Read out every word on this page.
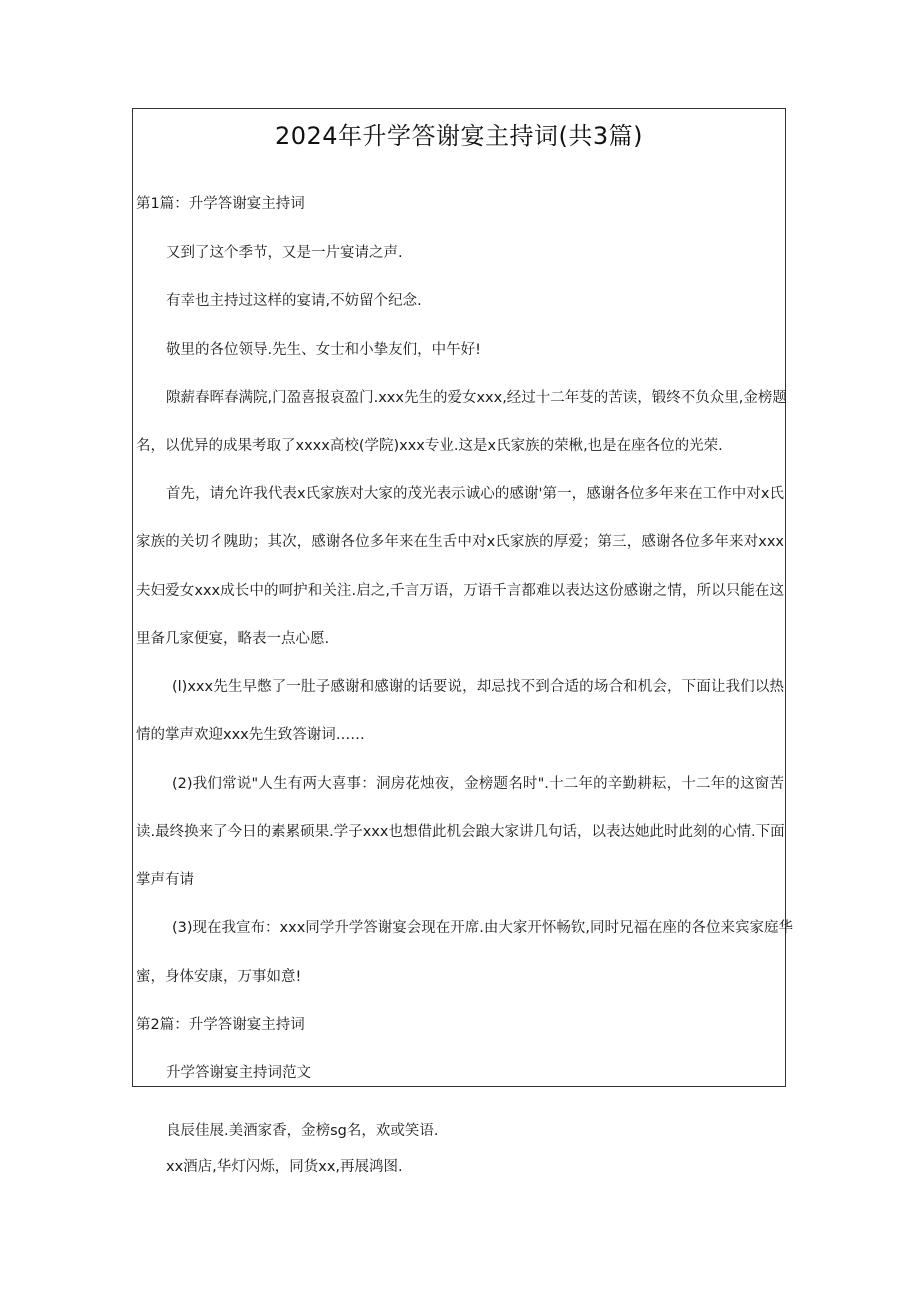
2024年升学答谢宴主持词(共3篇)
第1篇：升学答谢宴主持词
又到了这个季节，又是一片宴请之声.
有幸也主持过这样的宴请,不妨留个纪念.
敬里的各位领导.先生、女士和小挚友们，中午好!
隙薪春晖春满院,门盈喜报哀盈门.xxx先生的爱女xxx,经过十二年芟的苦读，锻终不负众里,金榜题
名，以优异的成果考取了xxxx高校(学院)xxx专业.这是x氏家族的荣楸,也是在座各位的光荣.
首先，请允许我代表x氏家族对大家的茂光表示诚心的感谢'第一，感谢各位多年来在工作中对x氏
家族的关切彳隗助；其次，感谢各位多年来在生舌中对x氏家族的厚爱；第三，感谢各位多年来对xxx
夫妇爱女xxx成长中的呵护和关注.启之,千言万语，万语千言都难以表达这份感谢之情，所以只能在这
里备几家便宴，略表一点心愿.
(l)xxx先生早憋了一肚子感谢和感谢的话要说，却忌找不到合适的场合和机会，下面让我们以热
情的掌声欢迎xxx先生致答谢词……
(2)我们常说"人生有两大喜事：洞房花烛夜，金榜题名时".十二年的辛勤耕耘，十二年的这窗苦
读.最终换来了今日的素累硕果.学子xxx也想借此机会踉大家讲几句话，以表达她此时此刻的心情.下面
掌声有请
(3)现在我宣布：xxx同学升学答谢宴会现在开席.由大家开怀畅钦,同时兄福在座的各位来宾家庭华
蜜，身体安康，万事如意!
第2篇：升学答谢宴主持词
升学答谢宴主持词范文
良辰佳展.美酒家香，金榜sg名，欢或笑语.
xx酒店,华灯闪烁，同货xx,再展鸿图.
